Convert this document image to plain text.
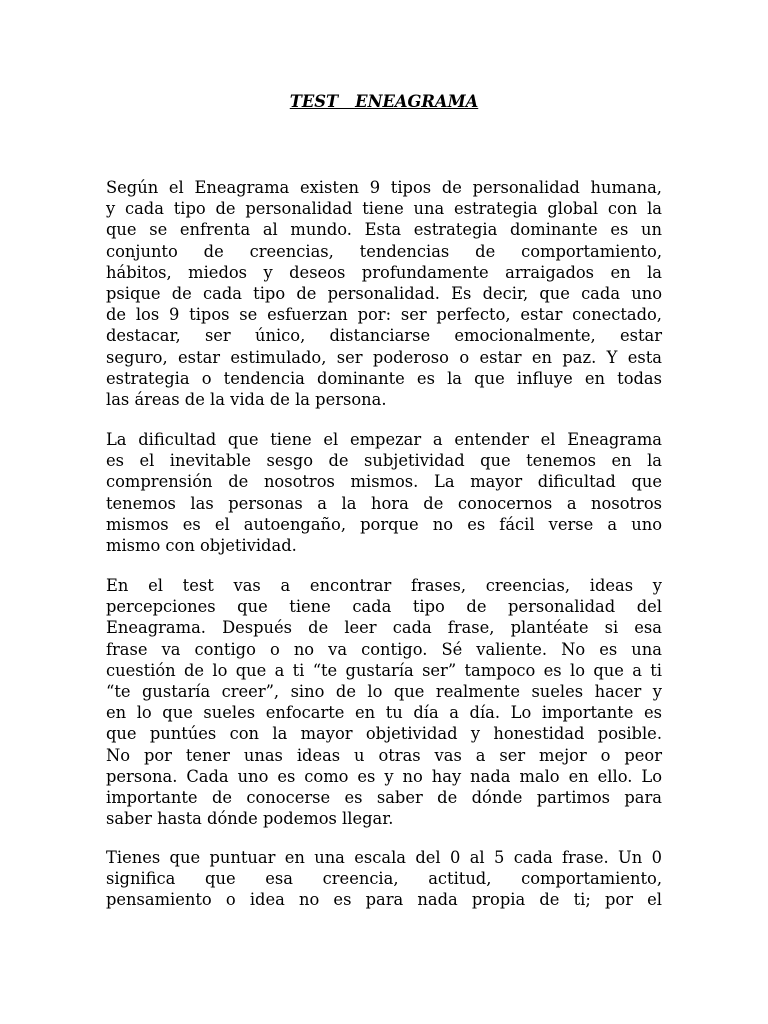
TEST   ENEAGRAMA
Según el Eneagrama existen 9 tipos de personalidad humana,
y cada tipo de personalidad tiene una estrategia global con la
que se enfrenta al mundo. Esta estrategia dominante es un
conjunto de creencias, tendencias de comportamiento,
hábitos, miedos y deseos profundamente arraigados en la
psique de cada tipo de personalidad. Es decir, que cada uno
de los 9 tipos se esfuerzan por: ser perfecto, estar conectado,
destacar, ser único, distanciarse emocionalmente, estar
seguro, estar estimulado, ser poderoso o estar en paz. Y esta
estrategia o tendencia dominante es la que influye en todas
las áreas de la vida de la persona.
La dificultad que tiene el empezar a entender el Eneagrama
es el inevitable sesgo de subjetividad que tenemos en la
comprensión de nosotros mismos. La mayor dificultad que
tenemos las personas a la hora de conocernos a nosotros
mismos es el autoengaño, porque no es fácil verse a uno
mismo con objetividad.
En el test vas a encontrar frases, creencias, ideas y
percepciones que tiene cada tipo de personalidad del
Eneagrama. Después de leer cada frase, plantéate si esa
frase va contigo o no va contigo. Sé valiente. No es una
cuestión de lo que a ti “te gustaría ser” tampoco es lo que a ti
“te gustaría creer”, sino de lo que realmente sueles hacer y
en lo que sueles enfocarte en tu día a día. Lo importante es
que puntúes con la mayor objetividad y honestidad posible.
No por tener unas ideas u otras vas a ser mejor o peor
persona. Cada uno es como es y no hay nada malo en ello. Lo
importante de conocerse es saber de dónde partimos para
saber hasta dónde podemos llegar.
Tienes que puntuar en una escala del 0 al 5 cada frase. Un 0
significa que esa creencia, actitud, comportamiento,
pensamiento o idea no es para nada propia de ti; por el
